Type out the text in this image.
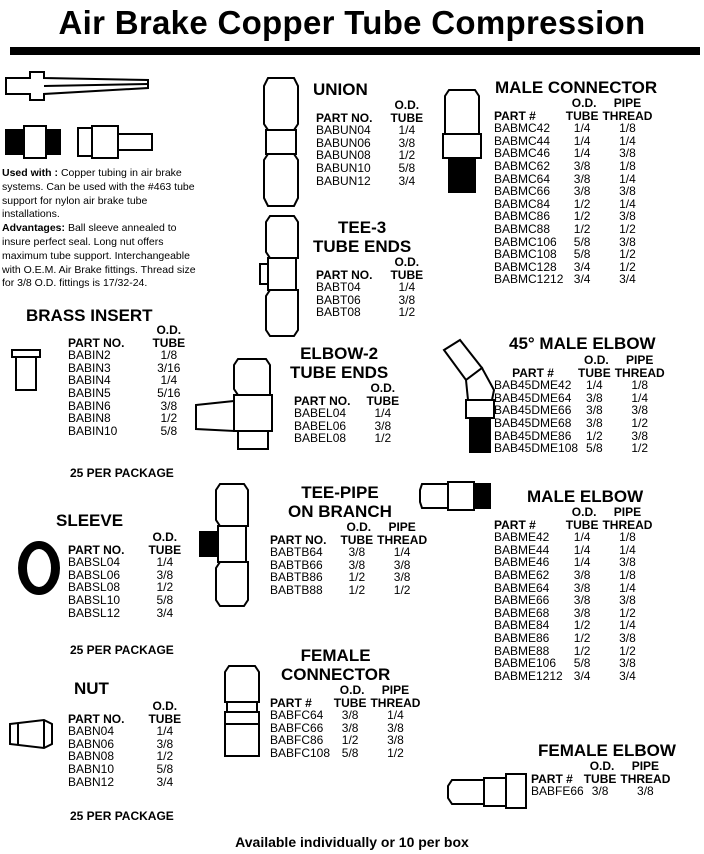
Air Brake Copper Tube Compression
Used with : Copper tubing in air brake systems. Can be used with the #463 tube support for nylon air brake tube installations.
Advantages: Ball sleeve annealed to insure perfect seal. Long nut offers maximum tube support. Interchangeable with O.E.M. Air Brake fittings. Thread size for 3/8 O.D. fittings is 17/32-24.
BRASS INSERT
	O.D.
PART NO.	TUBE
BABIN2	1/8
BABIN3	3/16
BABIN4	1/4
BABIN5	5/16
BABIN6	3/8
BABIN8	1/2
BABIN10	5/8
25 PER PACKAGE
SLEEVE
	O.D.
PART NO.	TUBE
BABSL04	1/4
BABSL06	3/8
BABSL08	1/2
BABSL10	5/8
BABSL12	3/4
25 PER PACKAGE
NUT
	O.D.
PART NO.	TUBE
BABN04	1/4
BABN06	3/8
BABN08	1/2
BABN10	5/8
BABN12	3/4
25 PER PACKAGE
UNION
	O.D.
PART NO.	TUBE
BABUN04	1/4
BABUN06	3/8
BABUN08	1/2
BABUN10	5/8
BABUN12	3/4
TEE-3
TUBE ENDS
	O.D.
PART NO.	TUBE
BABT04	1/4
BABT06	3/8
BABT08	1/2
ELBOW-2
TUBE ENDS
	O.D.
PART NO.	TUBE
BABEL04	1/4
BABEL06	3/8
BABEL08	1/2
TEE-PIPE
ON BRANCH
	O.D.	PIPE
PART NO.	TUBE	THREAD
BABTB64	3/8	1/4
BABTB66	3/8	3/8
BABTB86	1/2	3/8
BABTB88	1/2	1/2
FEMALE
CONNECTOR
	O.D.	PIPE
PART #	TUBE	THREAD
BABFC64	3/8	1/4
BABFC66	3/8	3/8
BABFC86	1/2	3/8
BABFC108	5/8	1/2
MALE CONNECTOR
	O.D.	PIPE
PART #	TUBE	THREAD
BABMC42	1/4	1/8
BABMC44	1/4	1/4
BABMC46	1/4	3/8
BABMC62	3/8	1/8
BABMC64	3/8	1/4
BABMC66	3/8	3/8
BABMC84	1/2	1/4
BABMC86	1/2	3/8
BABMC88	1/2	1/2
BABMC106	5/8	3/8
BABMC108	5/8	1/2
BABMC128	3/4	1/2
BABMC1212	3/4	3/4
45° MALE ELBOW
	O.D.	PIPE
PART #	TUBE	THREAD
BAB45DME42	1/4	1/8
BAB45DME64	3/8	1/4
BAB45DME66	3/8	3/8
BAB45DME68	3/8	1/2
BAB45DME86	1/2	3/8
BAB45DME108	5/8	1/2
MALE ELBOW
	O.D.	PIPE
PART #	TUBE	THREAD
BABME42	1/4	1/8
BABME44	1/4	1/4
BABME46	1/4	3/8
BABME62	3/8	1/8
BABME64	3/8	1/4
BABME66	3/8	3/8
BABME68	3/8	1/2
BABME84	1/2	1/4
BABME86	1/2	3/8
BABME88	1/2	1/2
BABME106	5/8	3/8
BABME1212	3/4	3/4
FEMALE ELBOW
	O.D.	PIPE
PART #	TUBE	THREAD
BABFE66	3/8	3/8
Available individually or 10 per box
